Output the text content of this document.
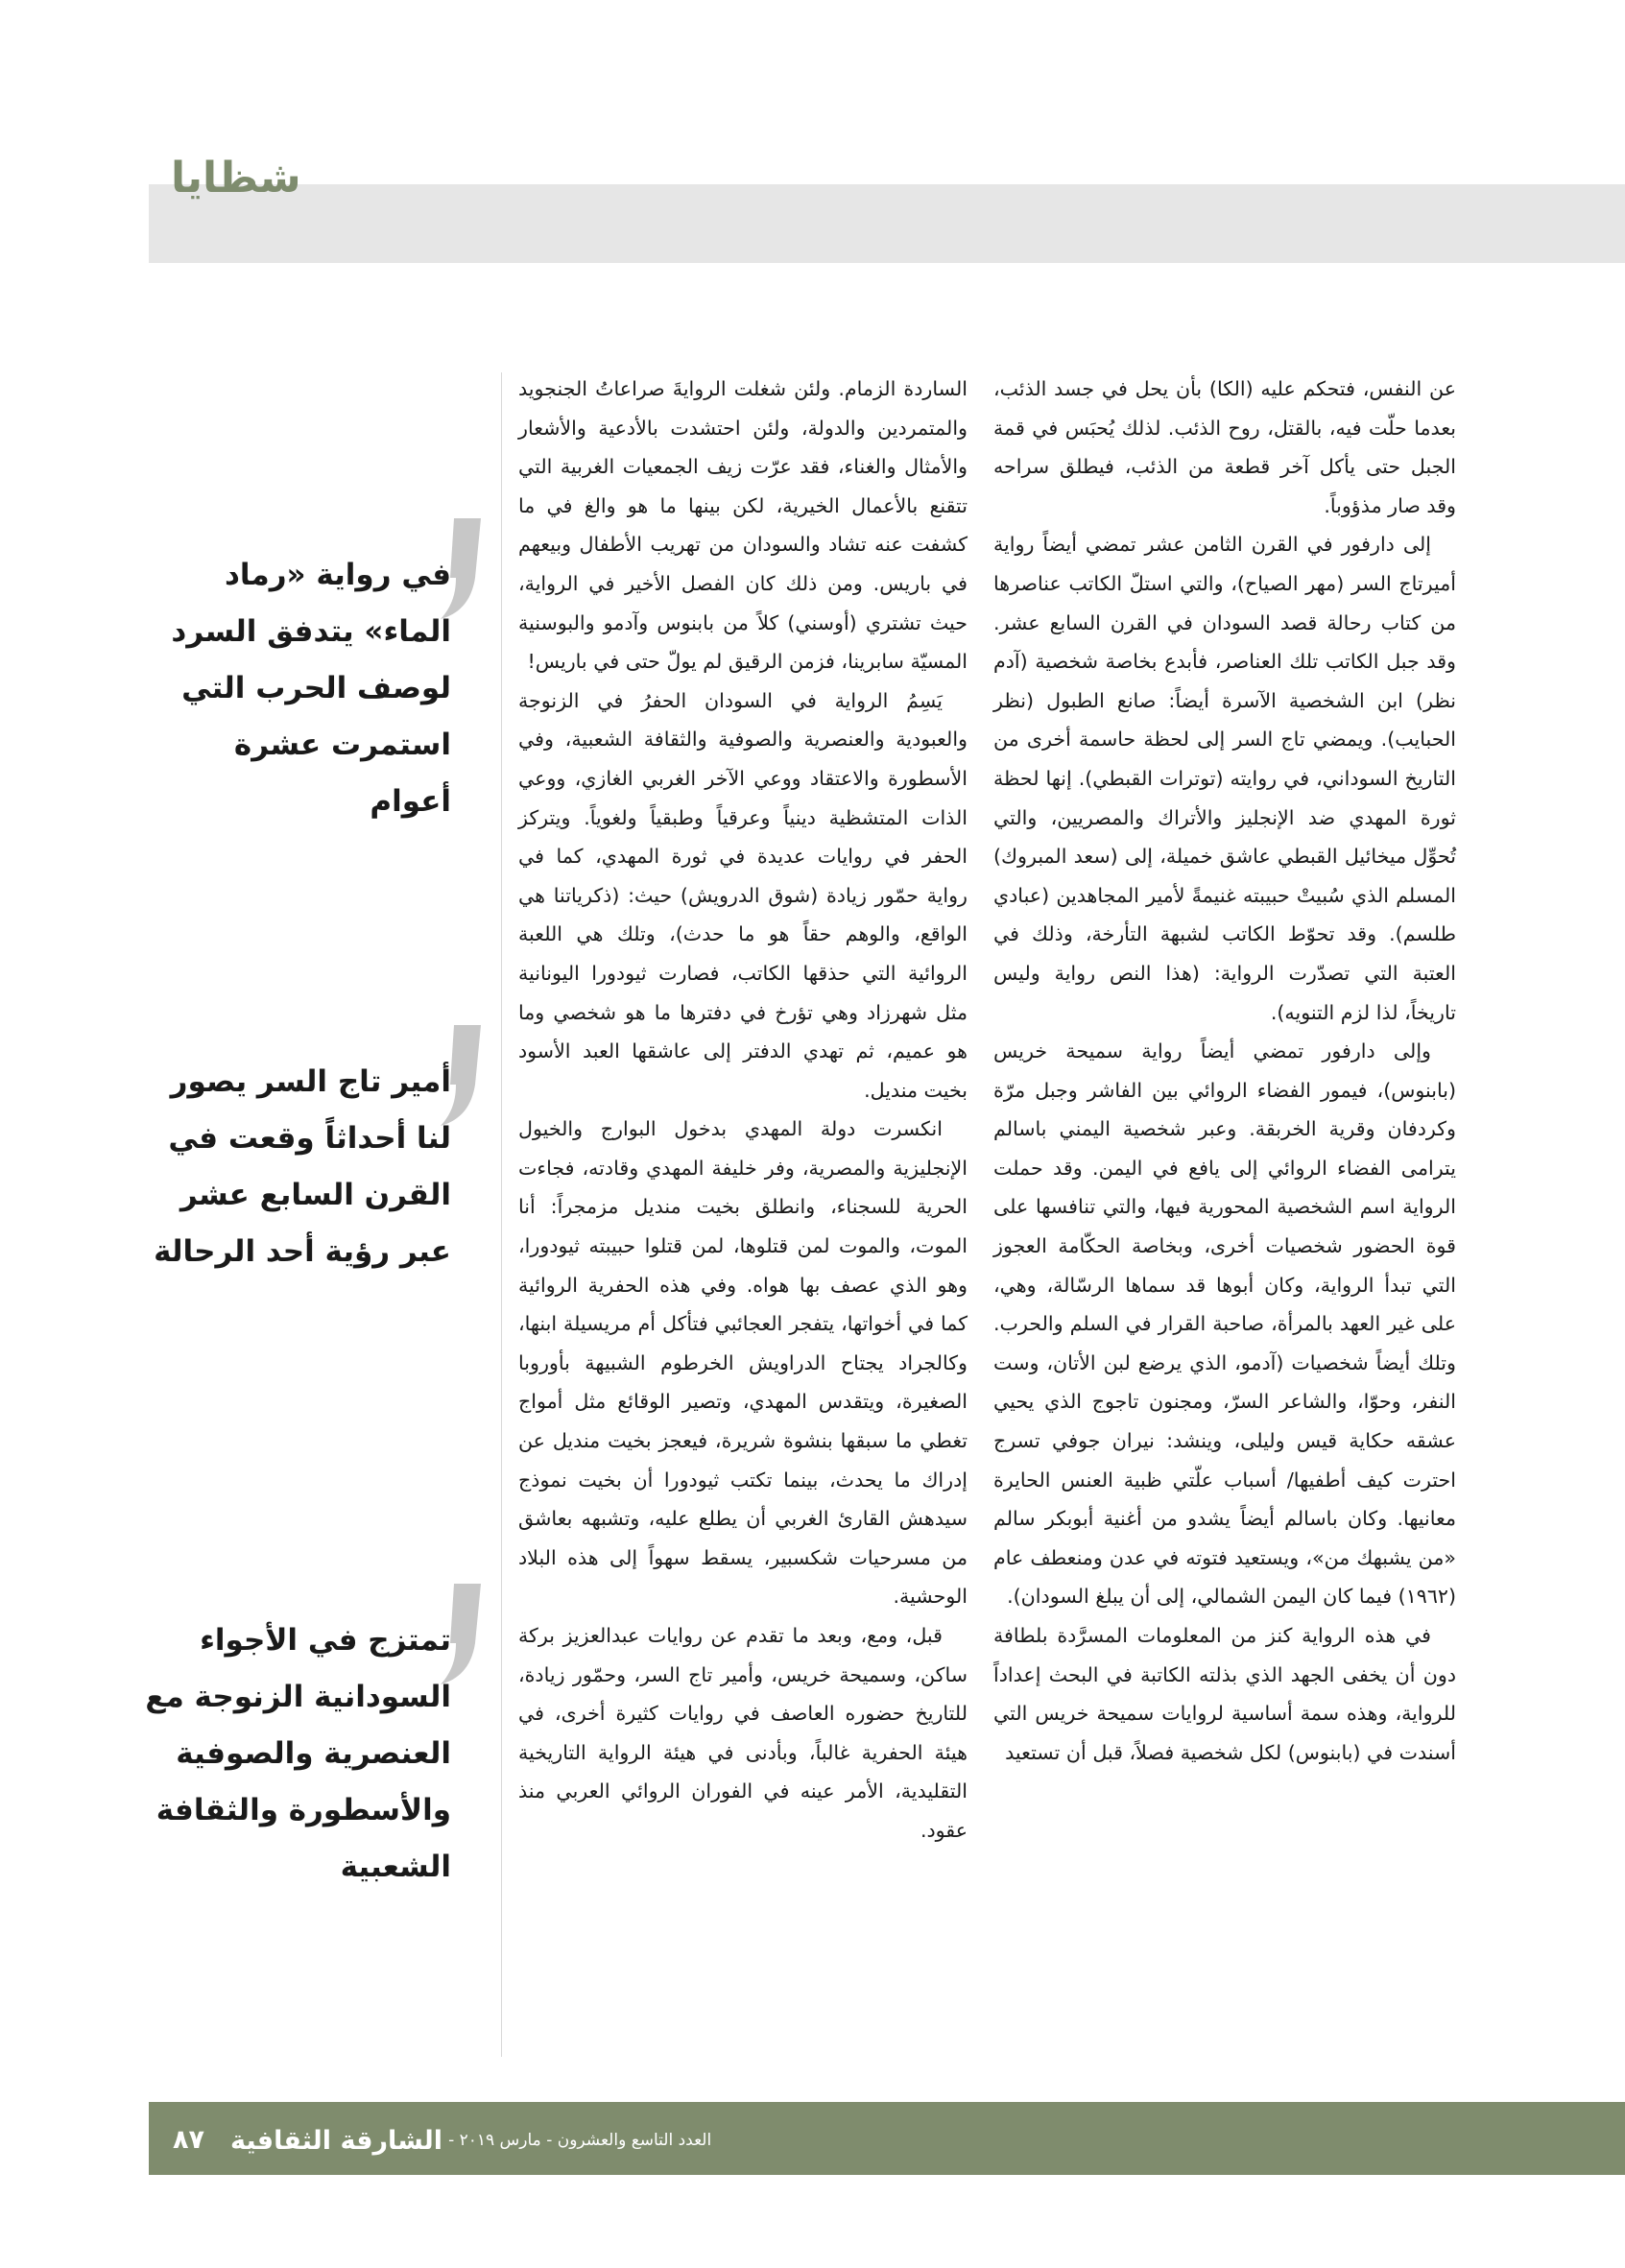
شظايا

عن النفس، فتحكم عليه (الكا) بأن يحل في جسد الذئب، بعدما حلّت فيه، بالقتل، روح الذئب. لذلك يُحبَس في قمة الجبل حتى يأكل آخر قطعة من الذئب، فيطلق سراحه وقد صار مذؤوباً.

إلى دارفور في القرن الثامن عشر تمضي أيضاً رواية أميرتاج السر (مهر الصياح)، والتي استلّ الكاتب عناصرها من كتاب رحالة قصد السودان في القرن السابع عشر. وقد جبل الكاتب تلك العناصر، فأبدع بخاصة شخصية (آدم نظر) ابن الشخصية الآسرة أيضاً: صانع الطبول (نظر الحبايب). ويمضي تاج السر إلى لحظة حاسمة أخرى من التاريخ السوداني، في روايته (توترات القبطي). إنها لحظة ثورة المهدي ضد الإنجليز والأتراك والمصريين، والتي تُحوِّل ميخائيل القبطي عاشق خميلة، إلى (سعد المبروك) المسلم الذي سُبيتْ حبيبته غنيمةً لأمير المجاهدين (عبادي طلسم). وقد تحوّط الكاتب لشبهة التأرخة، وذلك في العتبة التي تصدّرت الرواية: (هذا النص رواية وليس تاريخاً، لذا لزم التنويه).

وإلى دارفور تمضي أيضاً رواية سميحة خريس (بابنوس)، فيمور الفضاء الروائي بين الفاشر وجبل مرّة وكردفان وقرية الخربقة. وعبر شخصية اليمني باسالم يترامى الفضاء الروائي إلى يافع في اليمن. وقد حملت الرواية اسم الشخصية المحورية فيها، والتي تنافسها على قوة الحضور شخصيات أخرى، وبخاصة الحكّامة العجوز التي تبدأ الرواية، وكان أبوها قد سماها الرسّالة، وهي، على غير العهد بالمرأة، صاحبة القرار في السلم والحرب. وتلك أيضاً شخصيات (آدمو، الذي يرضع لبن الأتان، وست النفر، وحوّا، والشاعر السرّ، ومجنون تاجوج الذي يحيي عشقه حكاية قيس وليلى، وينشد: نيران جوفي تسرج احترت كيف أطفيها/ أسباب علّتي ظبية العنس الحايرة معانيها. وكان باسالم أيضاً يشدو من أغنية أبوبكر سالم «من يشبهك من»، ويستعيد فتوته في عدن ومنعطف عام (١٩٦٢) فيما كان اليمن الشمالي، إلى أن يبلغ السودان).

في هذه الرواية كنز من المعلومات المسرَّدة بلطافة دون أن يخفى الجهد الذي بذلته الكاتبة في البحث إعداداً للرواية، وهذه سمة أساسية لروايات سميحة خريس التي أسندت في (بابنوس) لكل شخصية فصلاً، قبل أن تستعيد

الساردة الزمام. ولئن شغلت الروايةَ صراعاتُ الجنجويد والمتمردين والدولة، ولئن احتشدت بالأدعية والأشعار والأمثال والغناء، فقد عرّت زيف الجمعيات الغربية التي تتقنع بالأعمال الخيرية، لكن بينها ما هو والغ في ما كشفت عنه تشاد والسودان من تهريب الأطفال وبيعهم في باريس. ومن ذلك كان الفصل الأخير في الرواية، حيث تشتري (أوسني) كلاً من بابنوس وآدمو والبوسنية المسيّة سابرينا، فزمن الرقيق لم يولّ حتى في باريس!

يَسِمُ الرواية في السودان الحفرُ في الزنوجة والعبودية والعنصرية والصوفية والثقافة الشعبية، وفي الأسطورة والاعتقاد ووعي الآخر الغربي الغازي، ووعي الذات المتشظية دينياً وعرقياً وطبقياً ولغوياً. ويتركز الحفر في روايات عديدة في ثورة المهدي، كما في رواية حمّور زيادة (شوق الدرويش) حيث: (ذكرياتنا هي الواقع، والوهم حقاً هو ما حدث)، وتلك هي اللعبة الروائية التي حذقها الكاتب، فصارت ثيودورا اليونانية مثل شهرزاد وهي تؤرخ في دفترها ما هو شخصي وما هو عميم، ثم تهدي الدفتر إلى عاشقها العبد الأسود بخيت منديل.

انكسرت دولة المهدي بدخول البوارج والخيول الإنجليزية والمصرية، وفر خليفة المهدي وقادته، فجاءت الحرية للسجناء، وانطلق بخيت منديل مزمجراً: أنا الموت، والموت لمن قتلوها، لمن قتلوا حبيبته ثيودورا، وهو الذي عصف بها هواه. وفي هذه الحفرية الروائية كما في أخواتها، يتفجر العجائبي فتأكل أم مريسيلة ابنها، وكالجراد يجتاح الدراويش الخرطوم الشبيهة بأوروبا الصغيرة، ويتقدس المهدي، وتصير الوقائع مثل أمواج تغطي ما سبقها بنشوة شريرة، فيعجز بخيت منديل عن إدراك ما يحدث، بينما تكتب ثيودورا أن بخيت نموذج سيدهش القارئ الغربي أن يطلع عليه، وتشبهه بعاشق من مسرحيات شكسبير، يسقط سهواً إلى هذه البلاد الوحشية.

قبل، ومع، وبعد ما تقدم عن روايات عبدالعزيز بركة ساكن، وسميحة خريس، وأمير تاج السر، وحمّور زيادة، للتاريخ حضوره العاصف في روايات كثيرة أخرى، في هيئة الحفرية غالباً، وبأدنى في هيئة الرواية التاريخية التقليدية، الأمر عينه في الفوران الروائي العربي منذ عقود.

في رواية «رماد الماء» يتدفق السرد لوصف الحرب التي استمرت عشرة أعوام
أمير تاج السر يصور لنا أحداثاً وقعت في القرن السابع عشر عبر رؤية أحد الرحالة
تمتزج في الأجواء السودانية الزنوجة مع العنصرية والصوفية والأسطورة والثقافة الشعبية
٨٧	العدد التاسع والعشرون - مارس ٢٠١٩ -
الشارقة الثقافية
